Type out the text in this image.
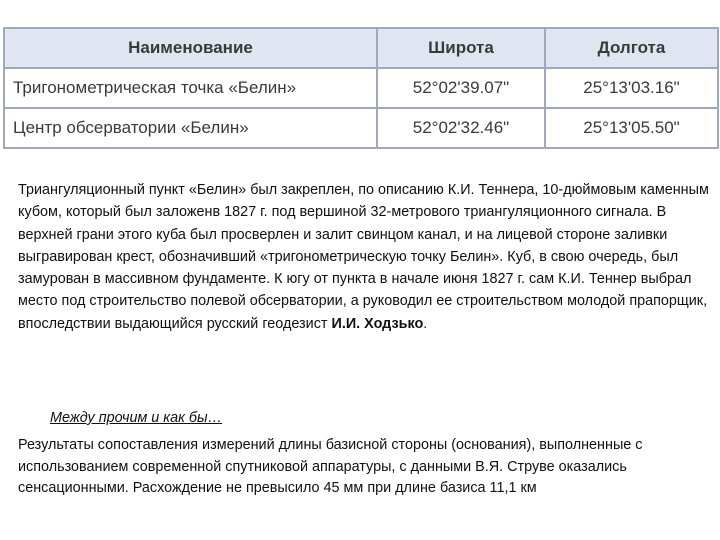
Наименование	Широта	Долгота
Тригонометрическая точка «Белин»	52°02'39.07"	25°13'03.16"
Центр обсерватории «Белин»	52°02'32.46"	25°13'05.50"

Триангуляционный пункт «Белин» был закреплен, по описанию К.И. Теннера, 10-дюймовым каменным кубом, который был заложенв 1827 г. под вершиной 32-метрового триангуляционного сигнала. В верхней грани этого куба был просверлен и залит свинцом канал, и на лицевой стороне заливки выгравирован крест, обозначивший «тригонометрическую точку Белин». Куб, в свою очередь, был замурован в массивном фундаменте. К югу от пункта в начале июня 1827 г. сам К.И. Теннер выбрал место под строительство полевой обсерватории, а руководил ее строительством молодой прапорщик, впоследствии выдающийся русский геодезист И.И. Ходзько.

Между прочим и как бы…

Результаты сопоставления измерений длины базисной стороны (основания), выполненные с использованием современной спутниковой аппаратуры, с данными В.Я. Струве оказались сенсационными. Расхождение не превысило 45 мм при длине базиса 11,1 км
